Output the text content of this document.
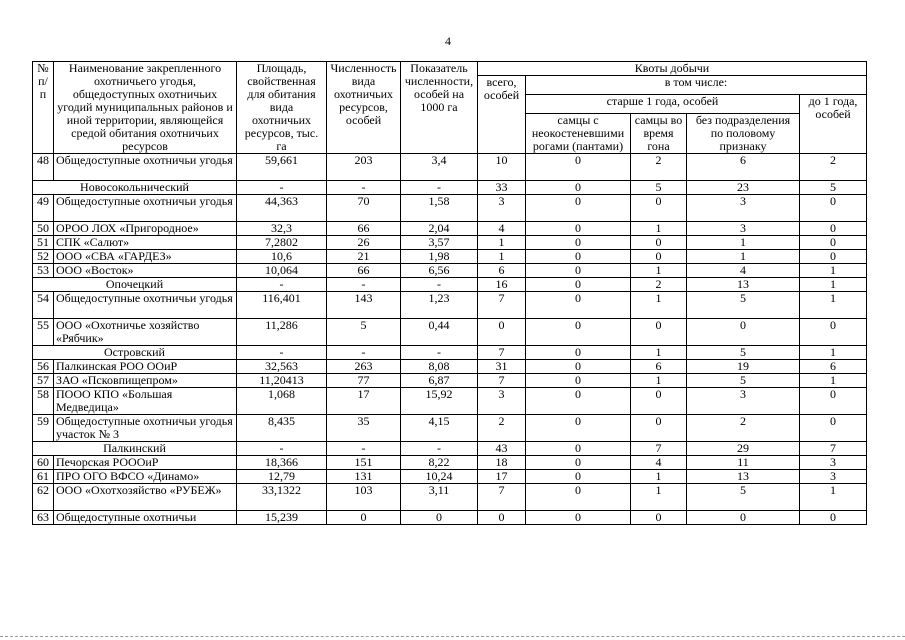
4
№ п/п	Наименование закрепленного охотничьего угодья, общедоступных охотничьих угодий муниципальных районов и иной территории, являющейся средой обитания охотничьих ресурсов	Площадь, свойственная для обитания вида охотничьих ресурсов, тыс. га	Численность вида охотничьих ресурсов, особей	Показатель численности, особей на 1000 га	Квоты добычи				
					всего, особей	в том числе:			
						старше 1 года, особей			до 1 года, особей
						самцы с неокостеневшими рогами (пантами)	самцы во время гона	без подразделения по половому признаку	
48	Общедоступные охотничьи угодья	59,661	203	3,4	10	0	2	6	2
Новосокольнический		-	-	-	33	0	5	23	5
49	Общедоступные охотничьи угодья	44,363	70	1,58	3	0	0	3	0
50	ОРОО ЛОХ «Пригородное»	32,3	66	2,04	4	0	1	3	0
51	СПК «Салют»	7,2802	26	3,57	1	0	0	1	0
52	ООО «СВА «ГАРДЕЗ»	10,6	21	1,98	1	0	0	1	0
53	ООО «Восток»	10,064	66	6,56	6	0	1	4	1
Опочецкий		-	-	-	16	0	2	13	1
54	Общедоступные охотничьи угодья	116,401	143	1,23	7	0	1	5	1
55	ООО «Охотничье хозяйство «Рябчик»	11,286	5	0,44	0	0	0	0	0
Островский		-	-	-	7	0	1	5	1
56	Палкинская РОО ООиР	32,563	263	8,08	31	0	6	19	6
57	ЗАО «Псковпищепром»	11,20413	77	6,87	7	0	1	5	1
58	ПООО КПО «Большая Медведица»	1,068	17	15,92	3	0	0	3	0
59	Общедоступные охотничьи угодья участок № 3	8,435	35	4,15	2	0	0	2	0
Палкинский		-	-	-	43	0	7	29	7
60	Печорская РОООиР	18,366	151	8,22	18	0	4	11	3
61	ПРО ОГО ВФСО «Динамо»	12,79	131	10,24	17	0	1	13	3
62	ООО «Охотхозяйство «РУБЕЖ»	33,1322	103	3,11	7	0	1	5	1
63	Общедоступные охотничьи	15,239	0	0	0	0	0	0	0
